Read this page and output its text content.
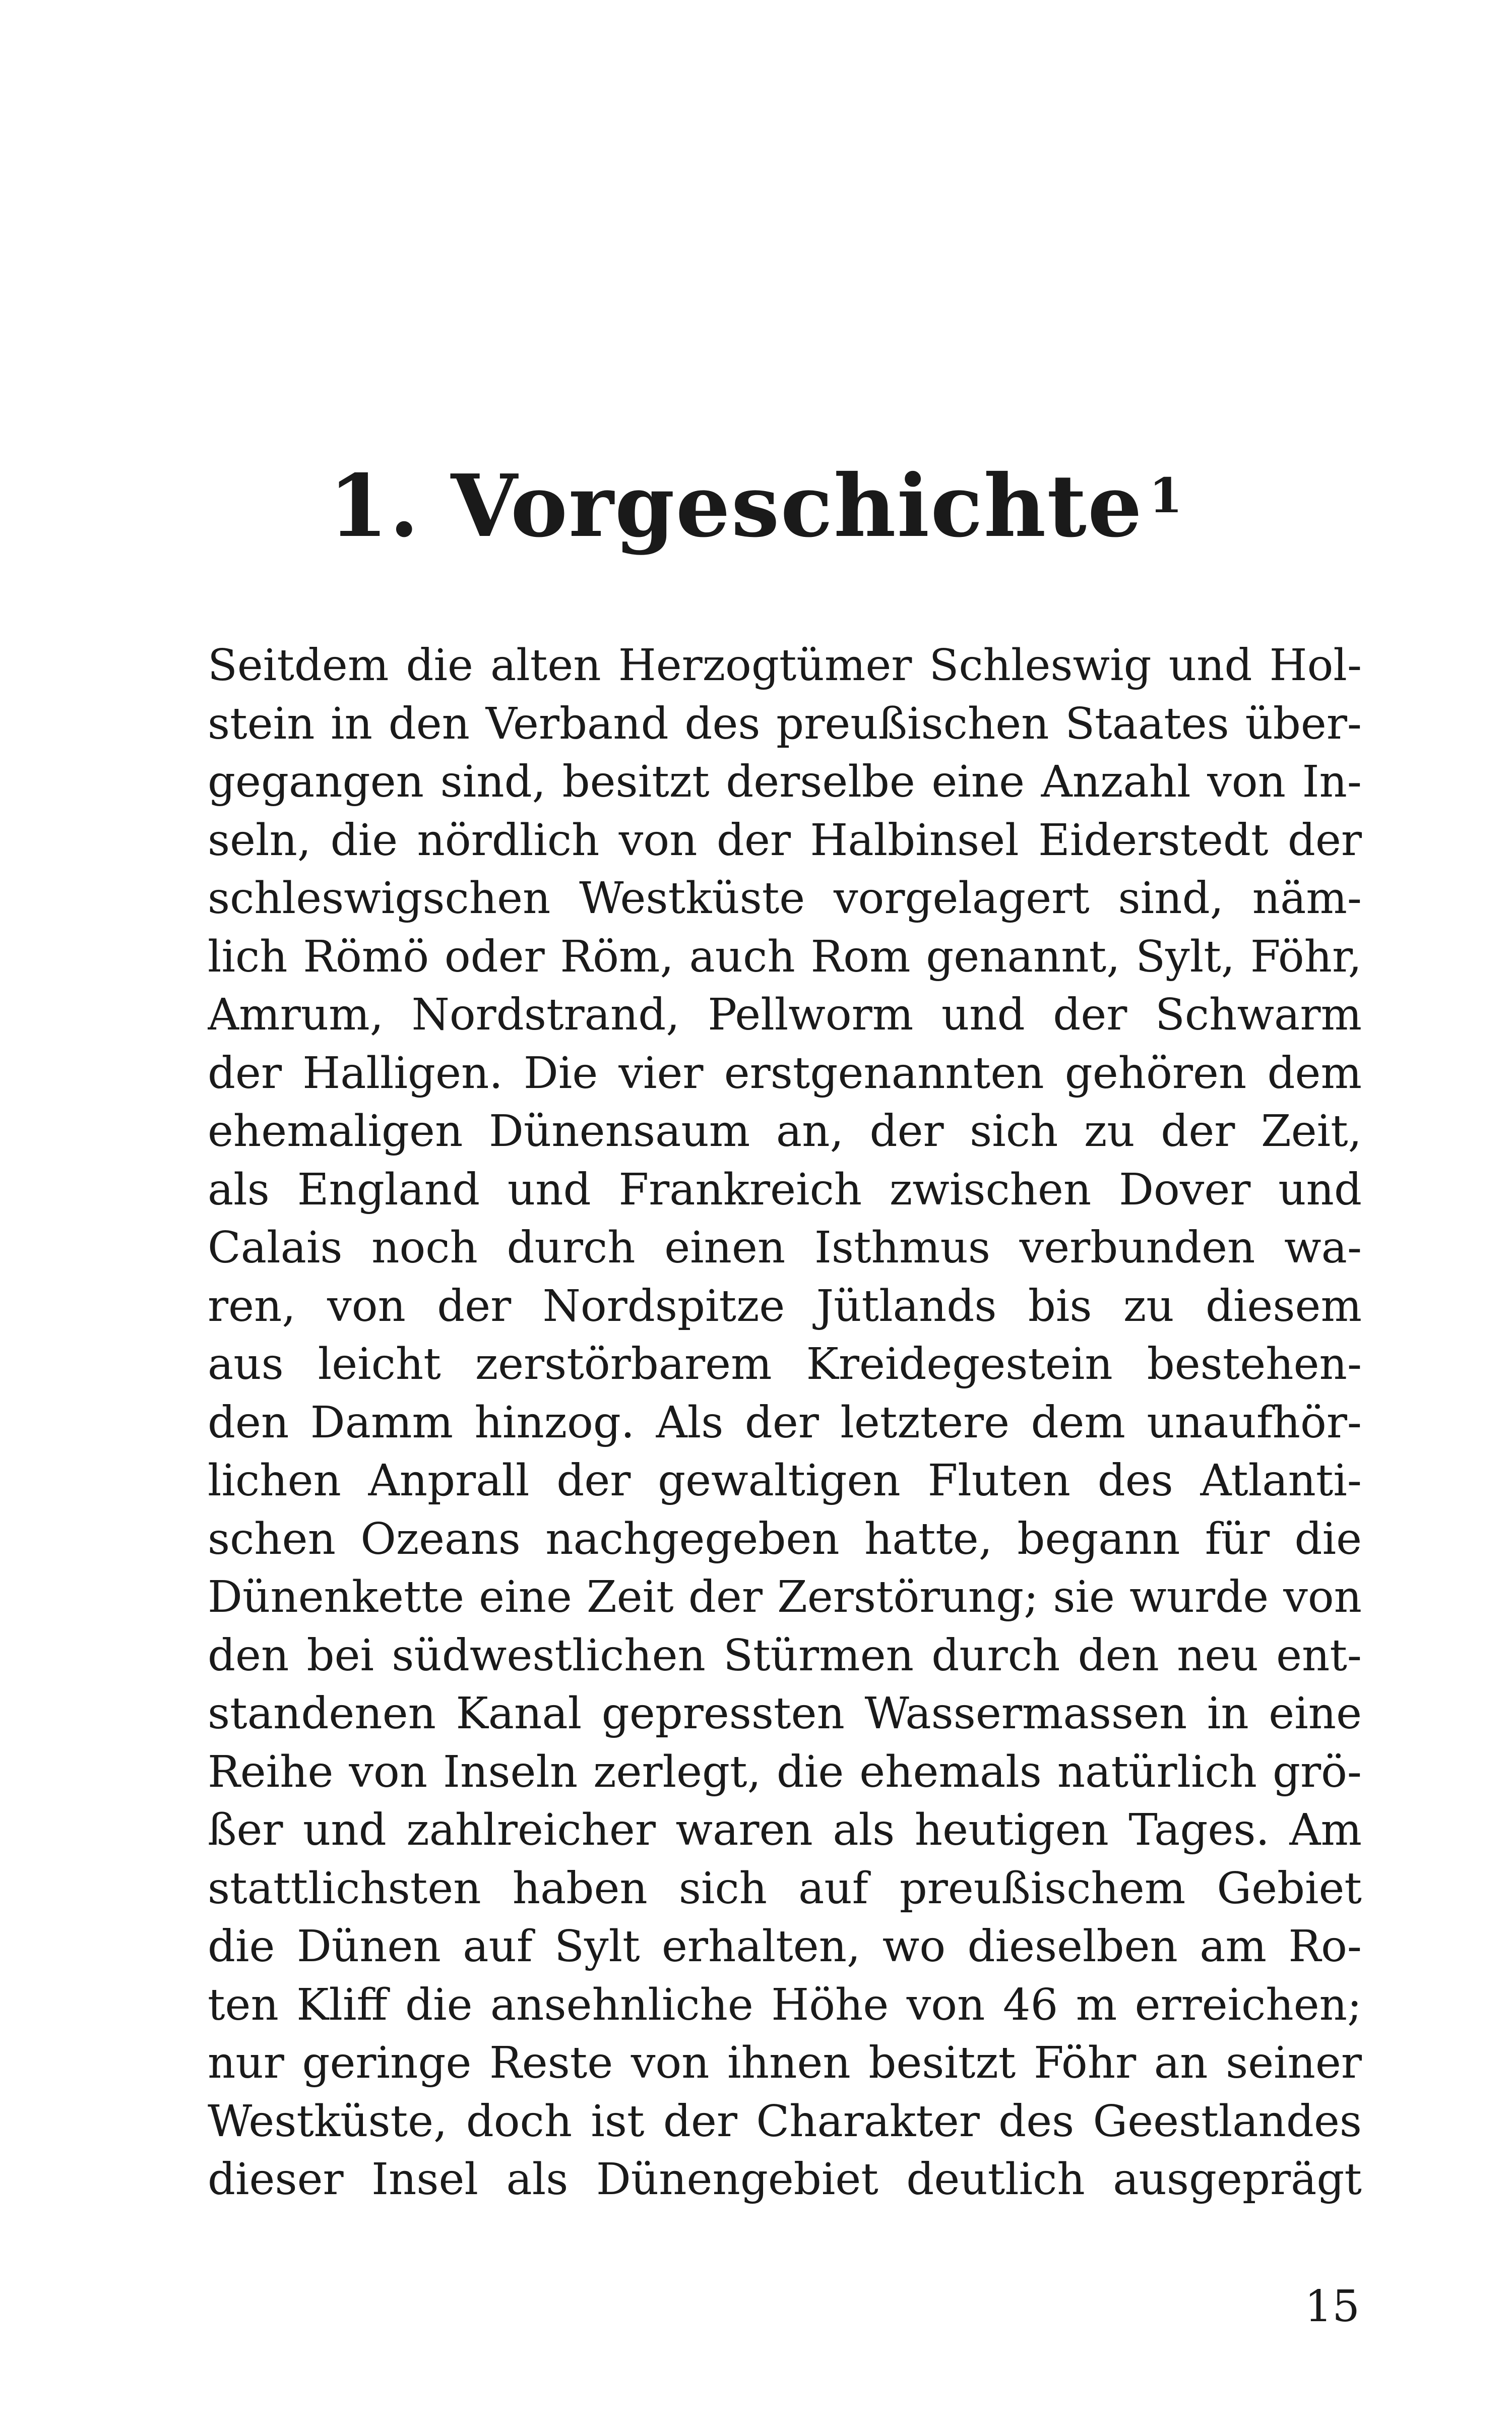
1. Vorgeschichte $^1$
Seitdem die alten Herzogtümer Schleswig und Hol-
stein in den Verband des preußischen Staates über-
gegangen sind, besitzt derselbe eine Anzahl von In-
seln, die nördlich von der Halbinsel Eiderstedt der
schleswigschen Westküste vorgelagert sind, näm-
lich Römö oder Röm, auch Rom genannt, Sylt, Föhr,
Amrum, Nordstrand, Pellworm und der Schwarm
der Halligen. Die vier erstgenannten gehören dem
ehemaligen Dünensaum an, der sich zu der Zeit,
als England und Frankreich zwischen Dover und
Calais noch durch einen Isthmus verbunden wa-
ren, von der Nordspitze Jütlands bis zu diesem
aus leicht zerstörbarem Kreidegestein bestehen-
den Damm hinzog. Als der letztere dem unaufhör-
lichen Anprall der gewaltigen Fluten des Atlanti-
schen Ozeans nachgegeben hatte, begann für die
Dünenkette eine Zeit der Zerstörung; sie wurde von
den bei südwestlichen Stürmen durch den neu ent-
standenen Kanal gepressten Wassermassen in eine
Reihe von Inseln zerlegt, die ehemals natürlich grö-
ßer und zahlreicher waren als heutigen Tages. Am
stattlichsten haben sich auf preußischem Gebiet
die Dünen auf Sylt erhalten, wo dieselben am Ro-
ten Kliff die ansehnliche Höhe von 46 m erreichen;
nur geringe Reste von ihnen besitzt Föhr an seiner
Westküste, doch ist der Charakter des Geestlandes
dieser Insel als Dünengebiet deutlich ausgeprägt
15
